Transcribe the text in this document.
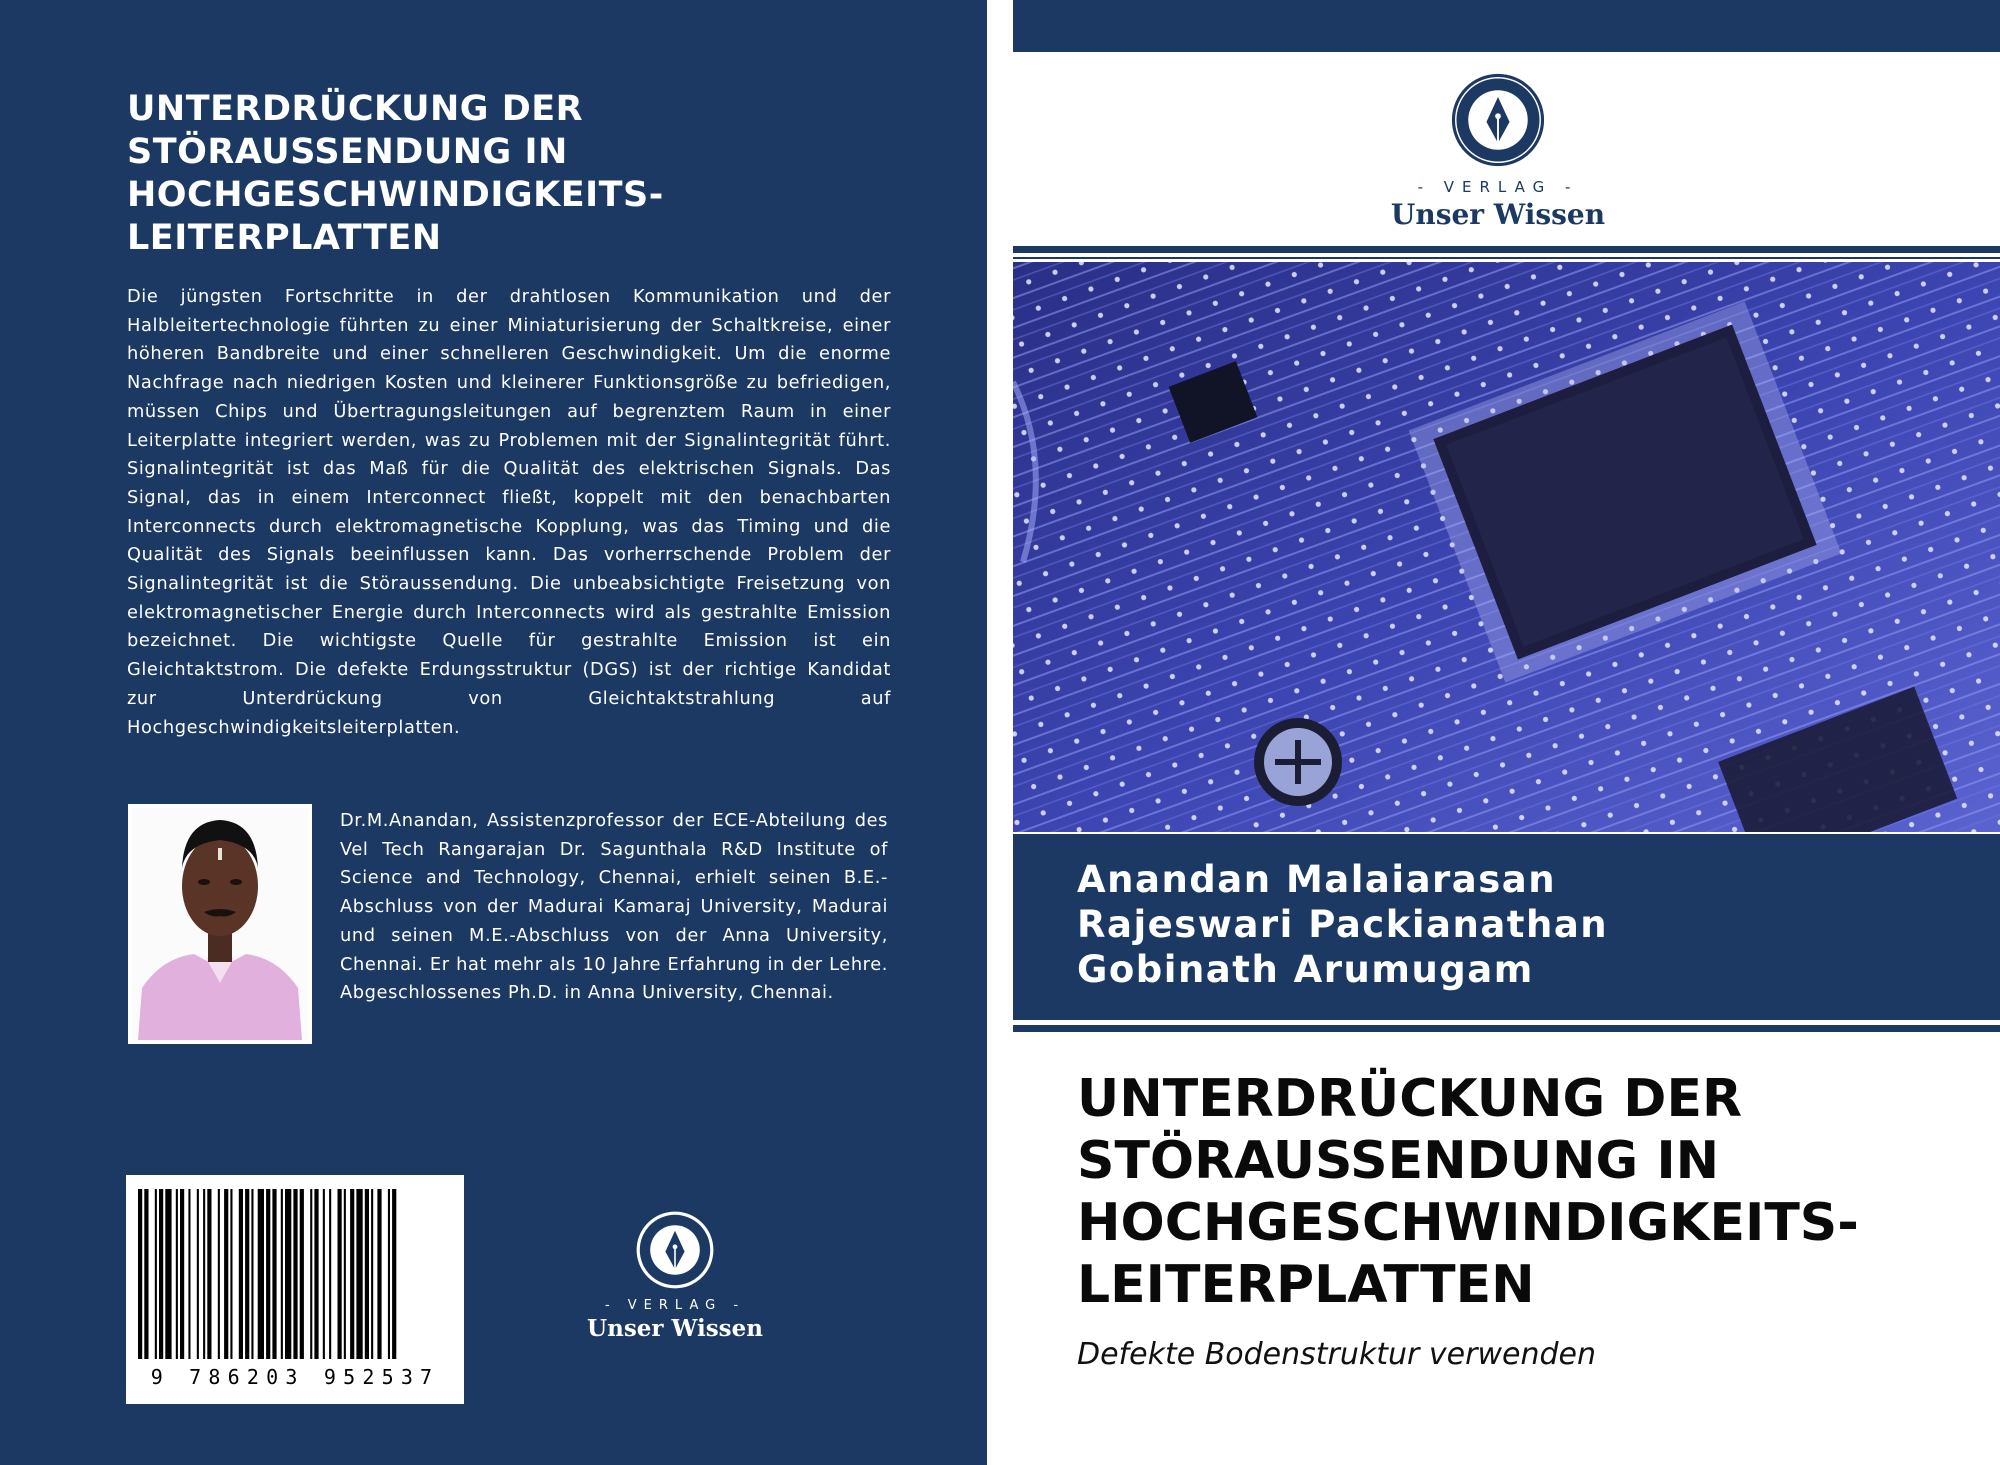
UNTERDRÜCKUNG DER
STÖRAUSSENDUNG IN
HOCHGESCHWINDIGKEITS-
LEITERPLATTEN

Die jüngsten Fortschritte in der drahtlosen Kommunikation und der Halbleitertechnologie führten zu einer Miniaturisierung der Schaltkreise, einer höheren Bandbreite und einer schnelleren Geschwindigkeit. Um die enorme Nachfrage nach niedrigen Kosten und kleinerer Funktionsgröße zu befriedigen, müssen Chips und Übertragungsleitungen auf begrenztem Raum in einer Leiterplatte integriert werden, was zu Problemen mit der Signalintegrität führt. Signalintegrität ist das Maß für die Qualität des elektrischen Signals. Das Signal, das in einem Interconnect fließt, koppelt mit den benachbarten Interconnects durch elektromagnetische Kopplung, was das Timing und die Qualität des Signals beeinflussen kann. Das vorherrschende Problem der Signalintegrität ist die Störaussendung. Die unbeabsichtigte Freisetzung von elektromagnetischer Energie durch Interconnects wird als gestrahlte Emission bezeichnet. Die wichtigste Quelle für gestrahlte Emission ist ein Gleichtaktstrom. Die defekte Erdungsstruktur (DGS) ist der richtige Kandidat zur Unterdrückung von Gleichtaktstrahlung auf Hochgeschwindigkeitsleiterplatten.

Dr.M.Anandan, Assistenzprofessor der ECE-Abteilung des Vel Tech Rangarajan Dr. Sagunthala R&D Institute of Science and Technology, Chennai, erhielt seinen B.E.-Abschluss von der Madurai Kamaraj University, Madurai und seinen M.E.-Abschluss von der Anna University, Chennai. Er hat mehr als 10 Jahre Erfahrung in der Lehre. Abgeschlossenes Ph.D. in Anna University, Chennai.

9 786203 952537
- VERLAG -
Unser Wissen
- VERLAG -
Unser Wissen

Anandan Malaiarasan

Rajeswari Packianathan

Gobinath Arumugam

UNTERDRÜCKUNG DER
STÖRAUSSENDUNG IN
HOCHGESCHWINDIGKEITS-
LEITERPLATTEN

Defekte Bodenstruktur verwenden
